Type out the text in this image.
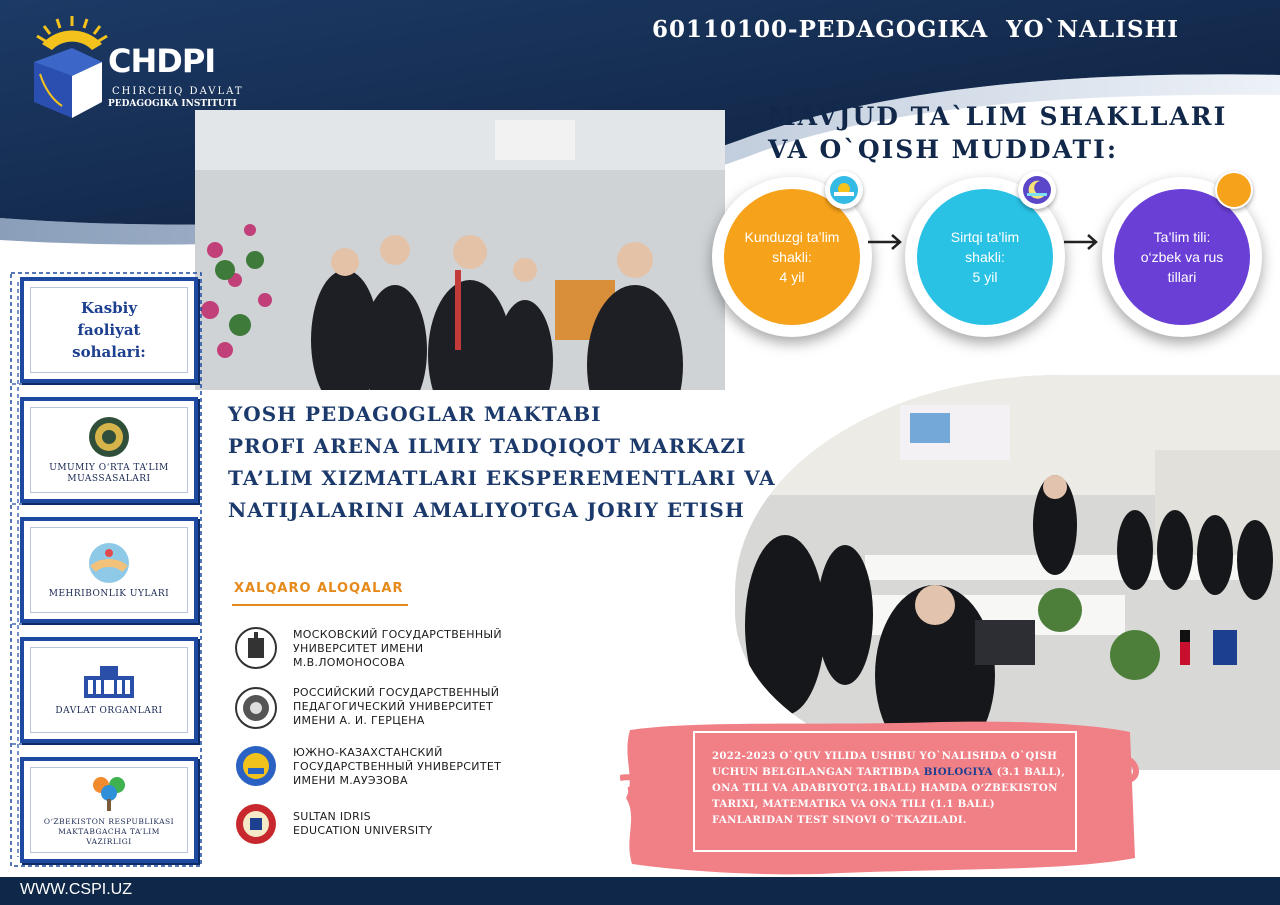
CHDPI
CHIRCHIQ DAVLAT
PEDAGOGIKA INSTITUTI
60110100-PEDAGOGIKA  YO`NALISHI
MAVJUD TA`LIM SHAKLLARI VA O`QISH MUDDATI:
Kunduzgi ta’lim shakli:
4 yil
Sirtqi ta’lim shakli:
5 yil
Ta’lim tili:
o‘zbek va rus tillari
Kasbiy faoliyat sohalari:
UMUMIY O‘RTA TA’LIM MUASSASALARI
MEHRIBONLIK UYLARI
DAVLAT ORGANLARI
O‘ZBEKISTON RESPUBLIKASI MAKTABGACHA TA’LIM VAZIRLIGI
YOSH PEDAGOGLAR MAKTABI
PROFI ARENA ILMIY TADQIQOT MARKAZI
TA’LIM XIZMATLARI EKSPEREMENTLARI VA
NATIJALARINI AMALIYOTGA JORIY ETISH
XALQARO ALOQALAR
МОСКОВСКИЙ ГОСУДАРСТВЕННЫЙ
УНИВЕРСИТЕТ ИМЕНИ
М.В.ЛОМОНОСОВА
РОССИЙСКИЙ ГОСУДАРСТВЕННЫЙ
ПЕДАГОГИЧЕСКИЙ УНИВЕРСИТЕТ
ИМЕНИ А. И. ГЕРЦЕНА
ЮЖНО-КАЗАХСТАНСКИЙ
ГОСУДАРСТВЕННЫЙ УНИВЕРСИТЕТ
ИМЕНИ М.АУЭЗОВА
SULTAN IDRIS
EDUCATION UNIVERSITY
2022-2023 O`QUV YILIDA USHBU YO`NALISHDA O`QISH UCHUN BELGILANGAN TARTIBDA BIOLOGIYA (3.1 BALL), ONA TILI VA ADABIYOT(2.1BALL) HAMDA O‘ZBEKISTON TARIXI, MATEMATIKA VA ONA TILI (1.1 BALL) FANLARIDAN TEST SINOVI O`TKAZILADI.
WWW.CSPI.UZ
